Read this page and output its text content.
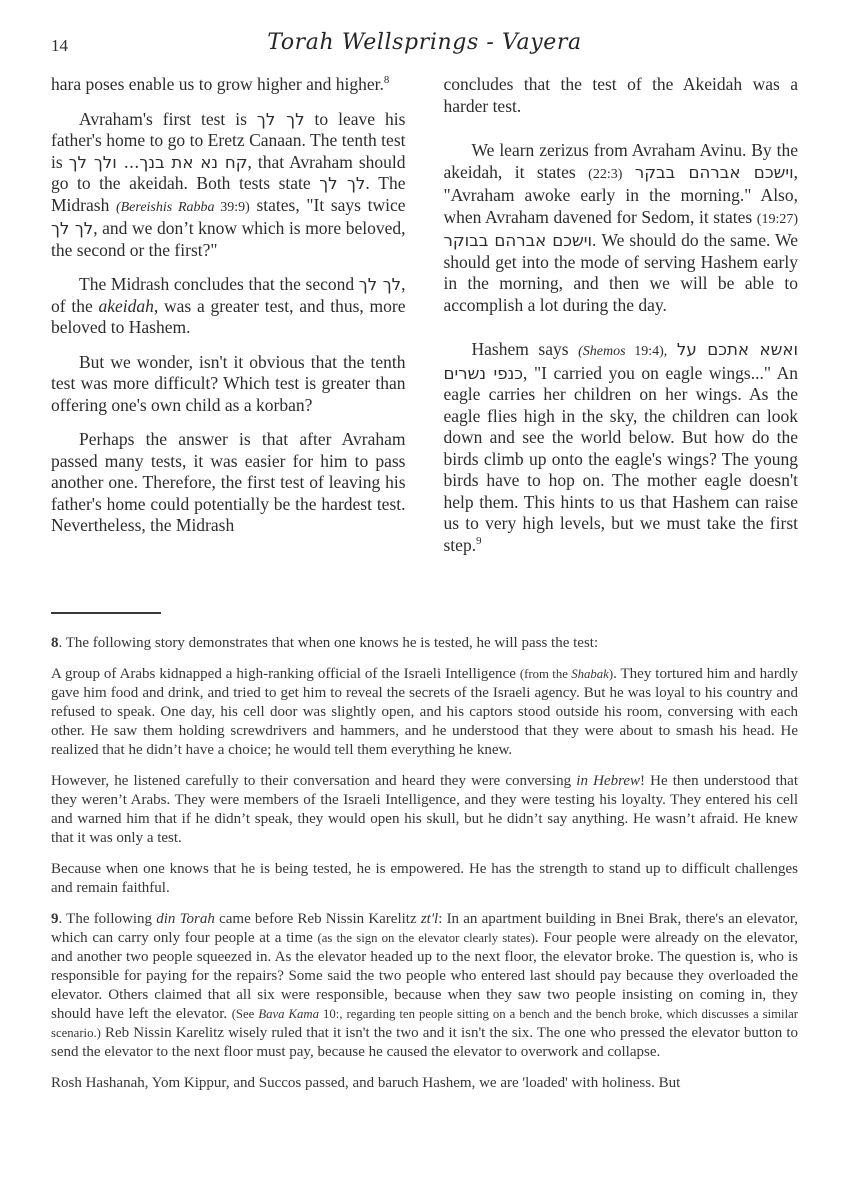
14	Torah Wellsprings - Vayera

hara poses enable us to grow higher and higher.$^8$

Avraham's first test is לך לך to leave his father's home to go to Eretz Canaan. The tenth test is קח נא את בנך... ולך לך, that Avraham should go to the akeidah. Both tests state לך לך. The Midrash (Bereishis Rabba 39:9) states, "It says twice לך לך, and we don’t know which is more beloved, the second or the first?"

The Midrash concludes that the second לך לך, of the akeidah, was a greater test, and thus, more beloved to Hashem.

But we wonder, isn't it obvious that the tenth test was more difficult? Which test is greater than offering one's own child as a korban?

Perhaps the answer is that after Avraham passed many tests, it was easier for him to pass another one. Therefore, the first test of leaving his father's home could potentially be the hardest test. Nevertheless, the Midrash

concludes that the test of the Akeidah was a harder test.

We learn zerizus from Avraham Avinu. By the akeidah, it states (22:3) וישכם אברהם בבקר, "Avraham awoke early in the morning." Also, when Avraham davened for Sedom, it states (19:27) וישכם אברהם בבוקר. We should do the same. We should get into the mode of serving Hashem early in the morning, and then we will be able to accomplish a lot during the day.

Hashem says (Shemos 19:4), ואשא אתכם על כנפי נשרים, "I carried you on eagle wings..." An eagle carries her children on her wings. As the eagle flies high in the sky, the children can look down and see the world below. But how do the birds climb up onto the eagle's wings? The young birds have to hop on. The mother eagle doesn't help them. This hints to us that Hashem can raise us to very high levels, but we must take the first step.$^9$

8. The following story demonstrates that when one knows he is tested, he will pass the test:

A group of Arabs kidnapped a high-ranking official of the Israeli Intelligence (from the Shabak). They tortured him and hardly gave him food and drink, and tried to get him to reveal the secrets of the Israeli agency. But he was loyal to his country and refused to speak. One day, his cell door was slightly open, and his captors stood outside his room, conversing with each other. He saw them holding screwdrivers and hammers, and he understood that they were about to smash his head. He realized that he didn’t have a choice; he would tell them everything he knew.

However, he listened carefully to their conversation and heard they were conversing in Hebrew! He then understood that they weren’t Arabs. They were members of the Israeli Intelligence, and they were testing his loyalty. They entered his cell and warned him that if he didn’t speak, they would open his skull, but he didn’t say anything. He wasn’t afraid. He knew that it was only a test.

Because when one knows that he is being tested, he is empowered. He has the strength to stand up to difficult challenges and remain faithful.

9. The following din Torah came before Reb Nissin Karelitz zt'l: In an apartment building in Bnei Brak, there's an elevator, which can carry only four people at a time (as the sign on the elevator clearly states). Four people were already on the elevator, and another two people squeezed in. As the elevator headed up to the next floor, the elevator broke. The question is, who is responsible for paying for the repairs? Some said the two people who entered last should pay because they overloaded the elevator. Others claimed that all six were responsible, because when they saw two people insisting on coming in, they should have left the elevator. (See Bava Kama 10:, regarding ten people sitting on a bench and the bench broke, which discusses a similar scenario.) Reb Nissin Karelitz wisely ruled that it isn't the two and it isn't the six. The one who pressed the elevator button to send the elevator to the next floor must pay, because he caused the elevator to overwork and collapse.

Rosh Hashanah, Yom Kippur, and Succos passed, and baruch Hashem, we are 'loaded' with holiness. But
